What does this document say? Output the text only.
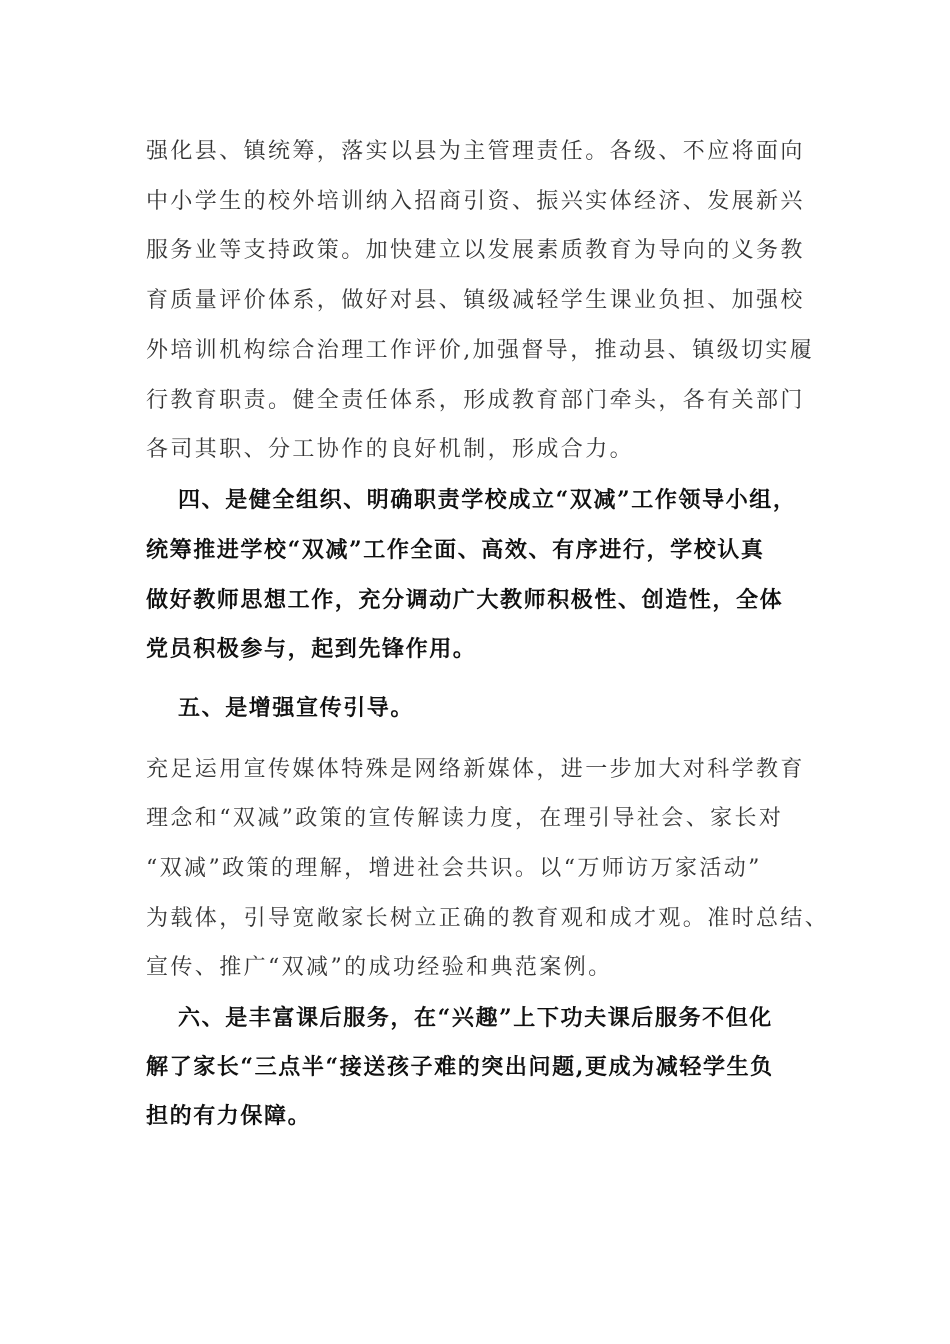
强化县、镇统筹，落实以县为主管理责任。各级、不应将面向
中小学生的校外培训纳入招商引资、振兴实体经济、发展新兴
服务业等支持政策。加快建立以发展素质教育为导向的义务教
育质量评价体系，做好对县、镇级减轻学生课业负担、加强校
外培训机构综合治理工作评价,加强督导，推动县、镇级切实履
行教育职责。健全责任体系，形成教育部门牵头，各有关部门
各司其职、分工协作的良好机制，形成合力。
四、是健全组织、明确职责学校成立“双减”工作领导小组，
统筹推进学校“双减”工作全面、高效、有序进行，学校认真
做好教师思想工作，充分调动广大教师积极性、创造性，全体
党员积极参与，起到先锋作用。
五、是增强宣传引导。
充足运用宣传媒体特殊是网络新媒体，进一步加大对科学教育
理念和“双减”政策的宣传解读力度，在理引导社会、家长对
“双减”政策的理解，增进社会共识。以“万师访万家活动”
为载体，引导宽敞家长树立正确的教育观和成才观。准时总结、
宣传、推广“双减”的成功经验和典范案例。
六、是丰富课后服务，在“兴趣”上下功夫课后服务不但化
解了家长“三点半“接送孩子难的突出问题,更成为减轻学生负
担的有力保障。
